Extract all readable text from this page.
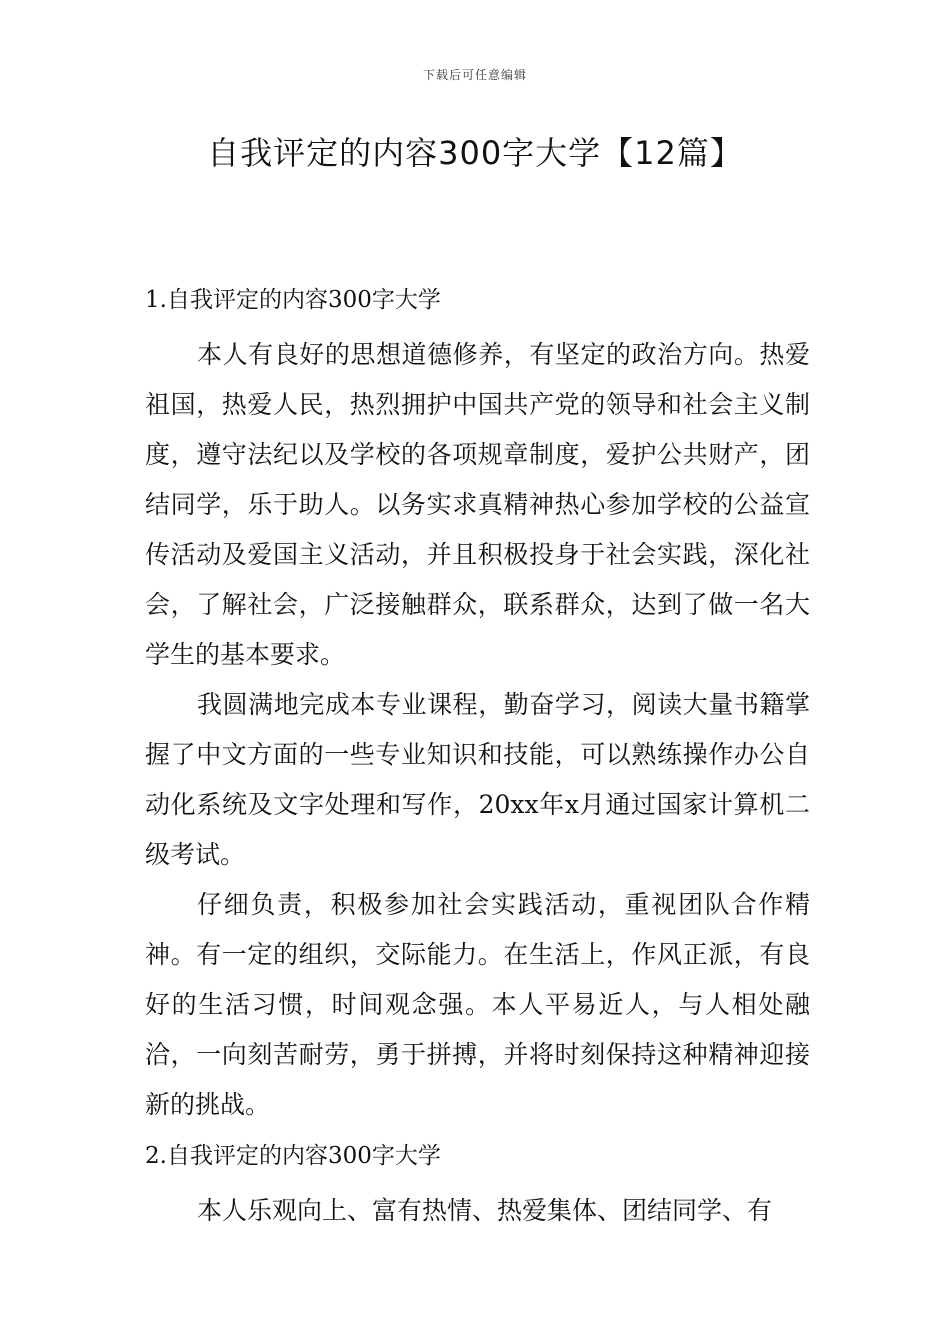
下载后可任意编辑
自我评定的内容300字大学【12篇】
1.自我评定的内容300字大学

本人有良好的思想道德修养，有坚定的政治方向。热爱祖国，热爱人民，热烈拥护中国共产党的领导和社会主义制度，遵守法纪以及学校的各项规章制度，爱护公共财产，团结同学，乐于助人。以务实求真精神热心参加学校的公益宣传活动及爱国主义活动，并且积极投身于社会实践，深化社会，了解社会，广泛接触群众，联系群众，达到了做一名大学生的基本要求。

我圆满地完成本专业课程，勤奋学习，阅读大量书籍掌握了中文方面的一些专业知识和技能，可以熟练操作办公自动化系统及文字处理和写作，20xx年x月通过国家计算机二级考试。

仔细负责，积极参加社会实践活动，重视团队合作精神。有一定的组织，交际能力。在生活上，作风正派，有良好的生活习惯，时间观念强。本人平易近人，与人相处融洽，一向刻苦耐劳，勇于拼搏，并将时刻保持这种精神迎接新的挑战。

2.自我评定的内容300字大学

本人乐观向上、富有热情、热爱集体、团结同学、有
